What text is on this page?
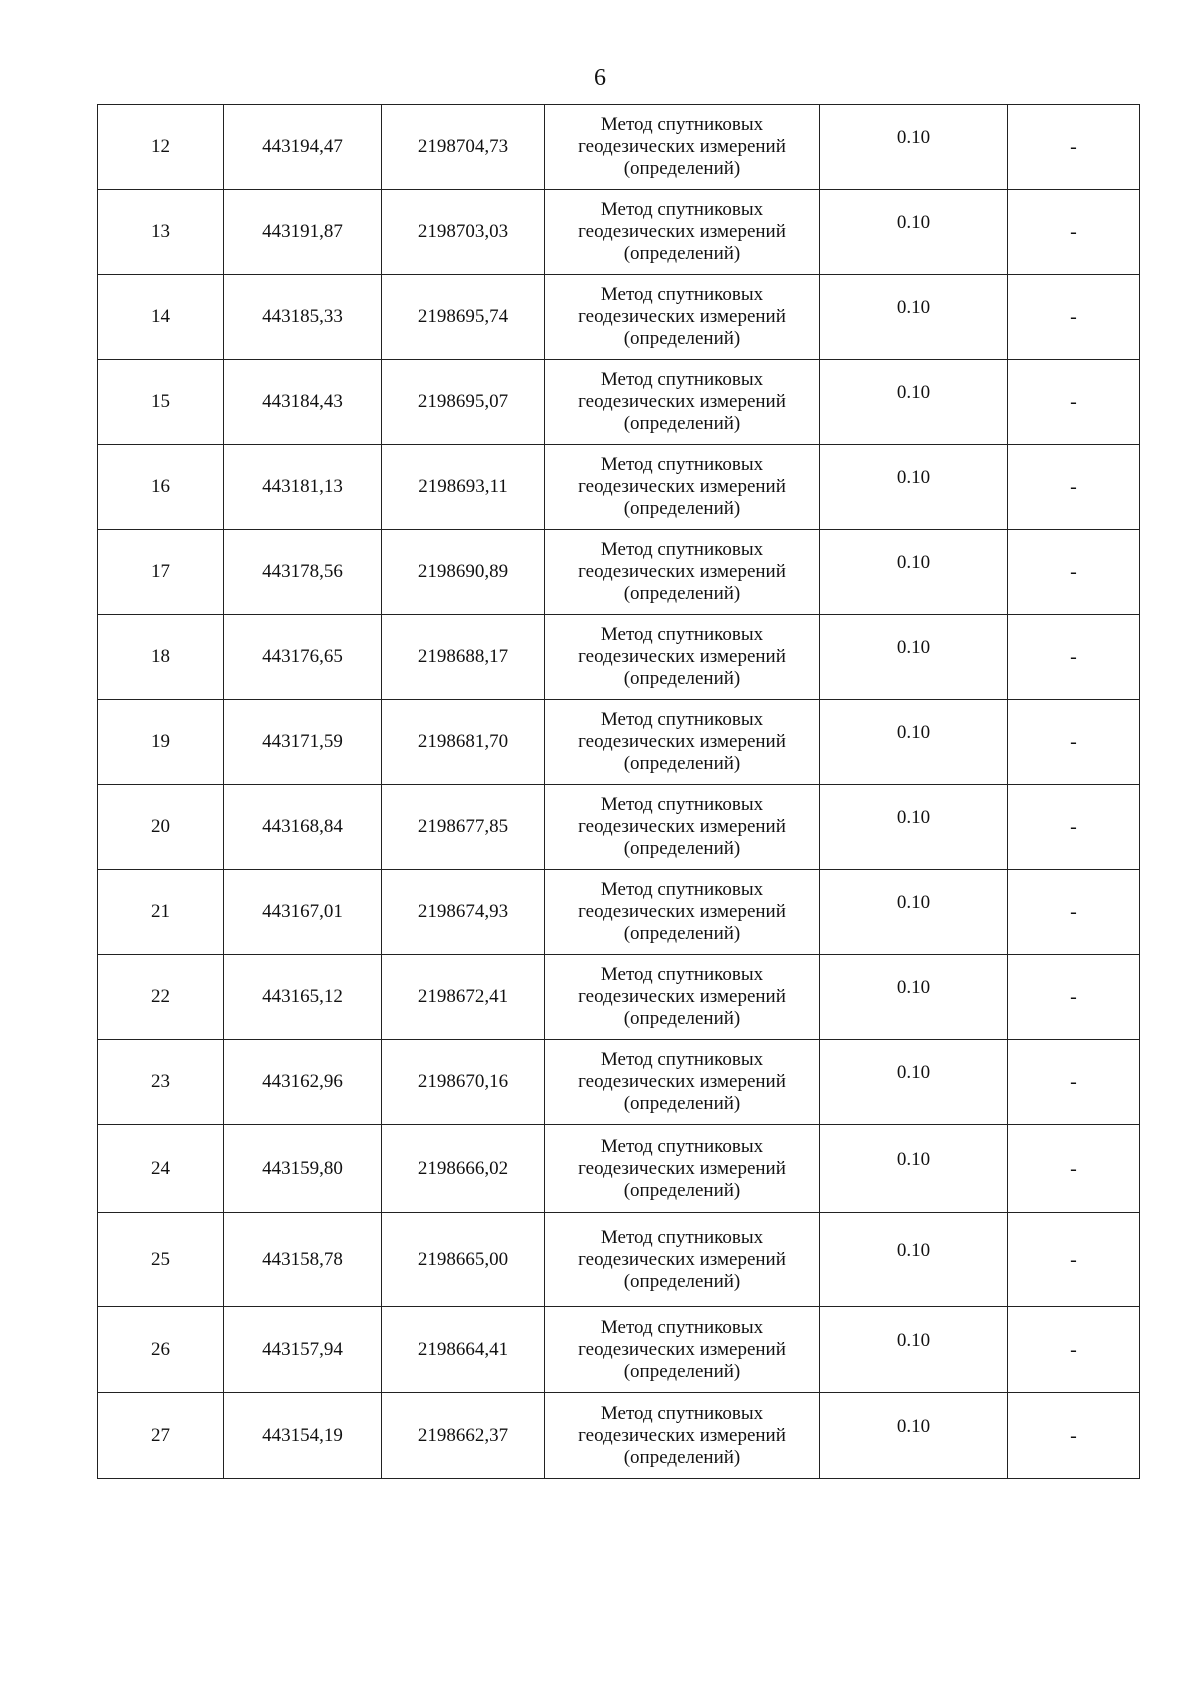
6
12	443194,47	2198704,73	Метод спутниковых
геодезических измерений
(определений)	0.10	-
13	443191,87	2198703,03	Метод спутниковых
геодезических измерений
(определений)	0.10	-
14	443185,33	2198695,74	Метод спутниковых
геодезических измерений
(определений)	0.10	-
15	443184,43	2198695,07	Метод спутниковых
геодезических измерений
(определений)	0.10	-
16	443181,13	2198693,11	Метод спутниковых
геодезических измерений
(определений)	0.10	-
17	443178,56	2198690,89	Метод спутниковых
геодезических измерений
(определений)	0.10	-
18	443176,65	2198688,17	Метод спутниковых
геодезических измерений
(определений)	0.10	-
19	443171,59	2198681,70	Метод спутниковых
геодезических измерений
(определений)	0.10	-
20	443168,84	2198677,85	Метод спутниковых
геодезических измерений
(определений)	0.10	-
21	443167,01	2198674,93	Метод спутниковых
геодезических измерений
(определений)	0.10	-
22	443165,12	2198672,41	Метод спутниковых
геодезических измерений
(определений)	0.10	-
23	443162,96	2198670,16	Метод спутниковых
геодезических измерений
(определений)	0.10	-
24	443159,80	2198666,02	Метод спутниковых
геодезических измерений
(определений)	0.10	-
25	443158,78	2198665,00	Метод спутниковых
геодезических измерений
(определений)	0.10	-
26	443157,94	2198664,41	Метод спутниковых
геодезических измерений
(определений)	0.10	-
27	443154,19	2198662,37	Метод спутниковых
геодезических измерений
(определений)	0.10	-
